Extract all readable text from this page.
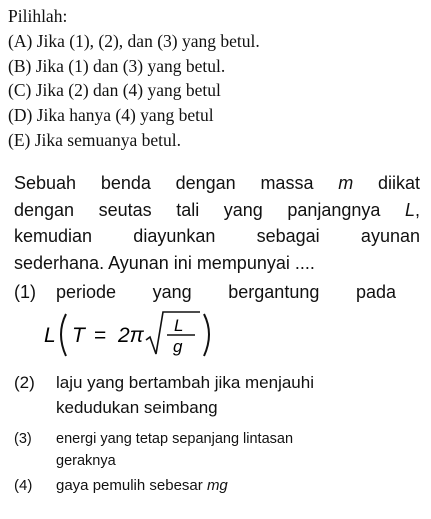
Pilihlah:
(A) Jika (1), (2), dan (3) yang betul.
(B) Jika (1) dan (3) yang betul.
(C) Jika (2) dan (4) yang betul
(D) Jika hanya (4) yang betul
(E) Jika semuanya betul.
Sebuah benda dengan massa m diikat
dengan seutas tali yang panjangnya L,
kemudian diayunkan sebagai ayunan
sederhana. Ayunan ini mempunyai ....
(1) periode yang bergantung pada
L T = 2π L
g
(2) laju yang bertambah jika menjauhi
kedudukan seimbang
(3) energi yang tetap sepanjang lintasan
geraknya
(4) gaya pemulih sebesar mg
